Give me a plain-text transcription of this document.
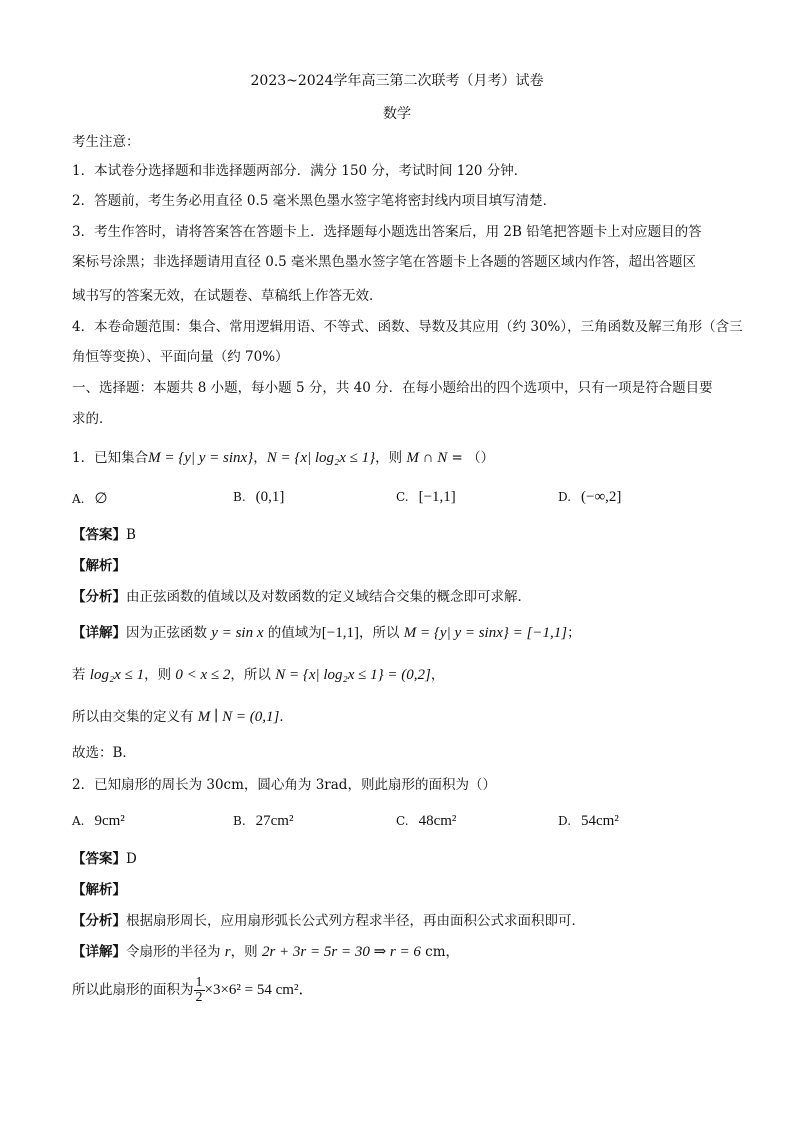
2023~2024学年高三第二次联考（月考）试卷
数学
考生注意：
1．本试卷分选择题和非选择题两部分．满分 150 分，考试时间 120 分钟．
2．答题前，考生务必用直径 0.5 毫米黑色墨水签字笔将密封线内项目填写清楚．
3．考生作答时，请将答案答在答题卡上．选择题每小题选出答案后，用 2B 铅笔把答题卡上对应题目的答
案标号涂黑；非选择题请用直径 0.5 毫米黑色墨水签字笔在答题卡上各题的答题区域内作答，超出答题区
域书写的答案无效，在试题卷、草稿纸上作答无效．
4．本卷命题范围：集合、常用逻辑用语、不等式、函数、导数及其应用（约 30%），三角函数及解三角形（含三
角恒等变换）、平面向量（约 70%）
一、选择题：本题共 8 小题，每小题 5 分，共 40 分．在每小题给出的四个选项中，只有一项是符合题目要
求的．
1．已知集合M = {y| y = sinx}，N = {x| log₂x ≤ 1}，则 M ∩ N = （）
A. ∅	B. (0,1]	C. [−1,1]	D. (−∞,2]
【答案】B
【解析】
【分析】由正弦函数的值域以及对数函数的定义域结合交集的概念即可求解．
【详解】因为正弦函数 y = sin x 的值域为[−1,1]，所以 M = {y| y = sinx} = [−1,1]；
若 log₂x ≤ 1，则 0 < x ≤ 2，所以 N = {x| log₂x ≤ 1} = (0,2]，
所以由交集的定义有 M ∣ N = (0,1]．
故选：B．
2．已知扇形的周长为 30cm，圆心角为 3rad，则此扇形的面积为（）
A. 9cm²	B. 27cm²	C. 48cm²	D. 54cm²
【答案】D
【解析】
【分析】根据扇形周长，应用扇形弧长公式列方程求半径，再由面积公式求面积即可．
【详解】令扇形的半径为 r，则 2r + 3r = 5r = 30 ⇒ r = 6 cm，
所以此扇形的面积为 $\frac{1}{2} \times 3\times 6^2 = 54$ cm²．
